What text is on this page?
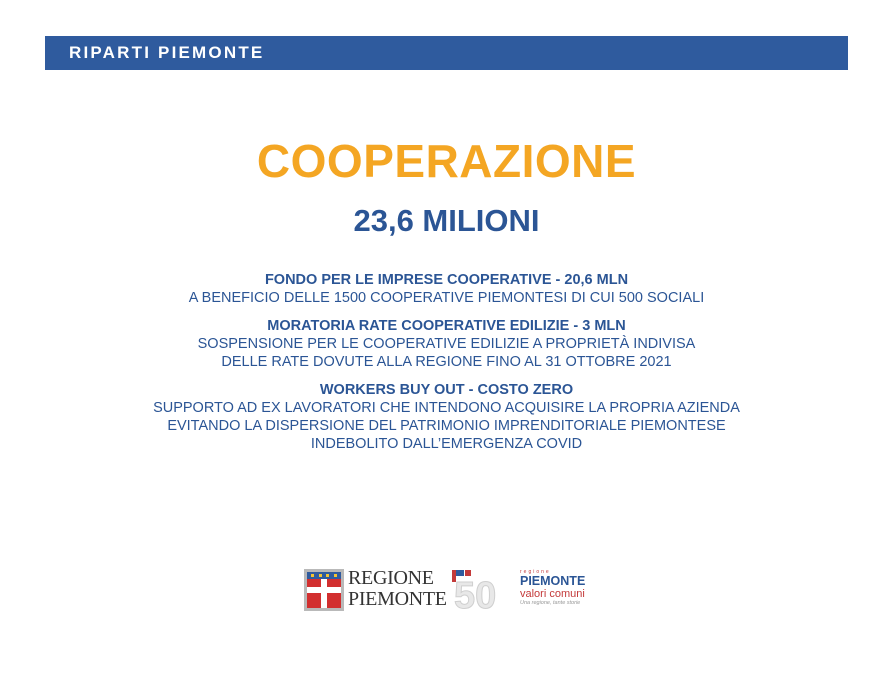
RIPARTI PIEMONTE
COOPERAZIONE
23,6 MILIONI
FONDO PER LE IMPRESE COOPERATIVE - 20,6 MLN
A BENEFICIO DELLE 1500 COOPERATIVE PIEMONTESI DI CUI 500 SOCIALI
MORATORIA RATE COOPERATIVE EDILIZIE - 3 MLN
SOSPENSIONE PER LE COOPERATIVE EDILIZIE A PROPRIETÀ INDIVISA
DELLE RATE DOVUTE ALLA REGIONE FINO AL 31 OTTOBRE 2021
WORKERS BUY OUT - COSTO ZERO
SUPPORTO AD EX LAVORATORI CHE INTENDONO ACQUISIRE LA PROPRIA AZIENDA
EVITANDO LA DISPERSIONE DEL PATRIMONIO IMPRENDITORIALE PIEMONTESE
INDEBOLITO DALL’EMERGENZA COVID
REGIONE
PIEMONTE 50
regione
PIEMONTE
valori comuni
Una regione, tante storie
